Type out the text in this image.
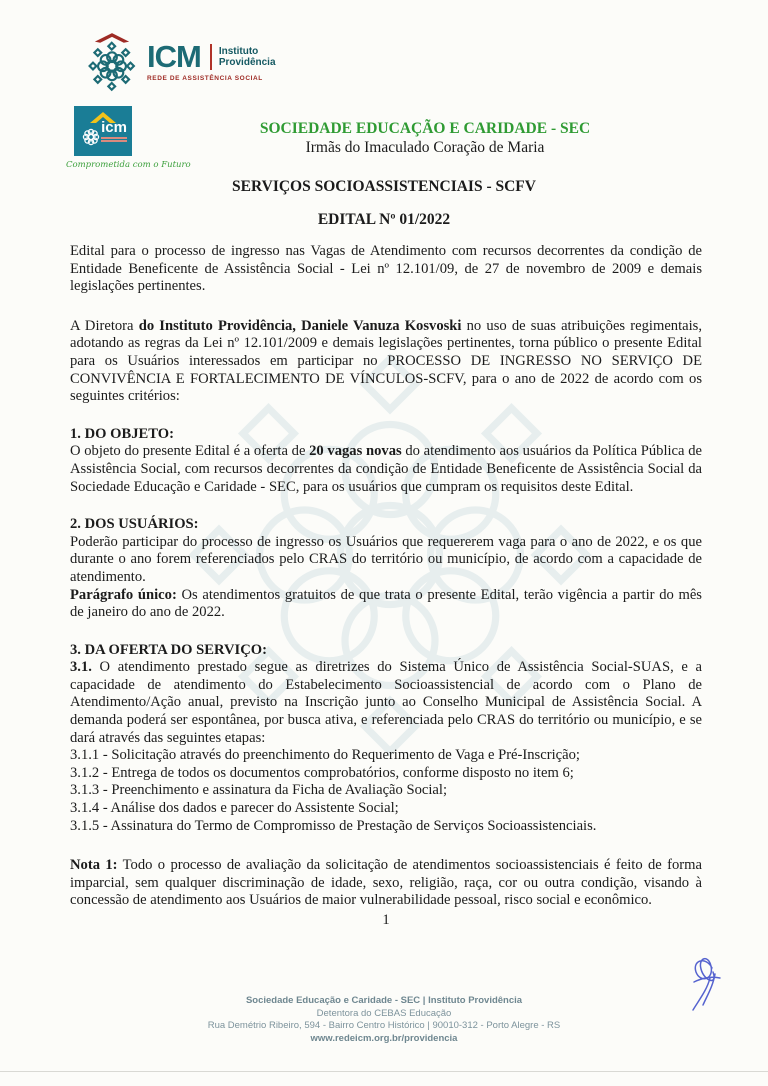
ICM Instituto
Providência
REDE DE ASSISTÊNCIA SOCIAL
icm
Comprometida com o Futuro
SOCIEDADE EDUCAÇÃO E CARIDADE - SEC
Irmãs do Imaculado Coração de Maria
SERVIÇOS SOCIOASSISTENCIAIS - SCFV
EDITAL Nº 01/2022

Edital para o processo de ingresso nas Vagas de Atendimento com recursos decorrentes da condição de Entidade Beneficente de Assistência Social - Lei nº 12.101/09, de 27 de novembro de 2009 e demais legislações pertinentes.

A Diretora do Instituto Providência, Daniele Vanuza Kosvoski no uso de suas atribuições regimentais, adotando as regras da Lei nº 12.101/2009 e demais legislações pertinentes, torna público o presente Edital para os Usuários interessados em participar no PROCESSO DE INGRESSO NO SERVIÇO DE CONVIVÊNCIA E FORTALECIMENTO DE VÍNCULOS-SCFV, para o ano de 2022 de acordo com os seguintes critérios:

1. DO OBJETO:

O objeto do presente Edital é a oferta de 20 vagas novas do atendimento aos usuários da Política Pública de Assistência Social, com recursos decorrentes da condição de Entidade Beneficente de Assistência Social da Sociedade Educação e Caridade - SEC, para os usuários que cumpram os requisitos deste Edital.

2. DOS USUÁRIOS:

Poderão participar do processo de ingresso os Usuários que requererem vaga para o ano de 2022, e os que durante o ano forem referenciados pelo CRAS do território ou município, de acordo com a capacidade de atendimento.

Parágrafo único: Os atendimentos gratuitos de que trata o presente Edital, terão vigência a partir do mês de janeiro do ano de 2022.

3. DA OFERTA DO SERVIÇO:

3.1. O atendimento prestado segue as diretrizes do Sistema Único de Assistência Social-SUAS, e a capacidade de atendimento do Estabelecimento Socioassistencial de acordo com o Plano de Atendimento/Ação anual, previsto na Inscrição junto ao Conselho Municipal de Assistência Social. A demanda poderá ser espontânea, por busca ativa, e referenciada pelo CRAS do território ou município, e se dará através das seguintes etapas:

3.1.1 - Solicitação através do preenchimento do Requerimento de Vaga e Pré-Inscrição;
3.1.2 - Entrega de todos os documentos comprobatórios, conforme disposto no item 6;
3.1.3 - Preenchimento e assinatura da Ficha de Avaliação Social;
3.1.4 - Análise dos dados e parecer do Assistente Social;
3.1.5 - Assinatura do Termo de Compromisso de Prestação de Serviços Socioassistenciais.

Nota 1: Todo o processo de avaliação da solicitação de atendimentos socioassistenciais é feito de forma imparcial, sem qualquer discriminação de idade, sexo, religião, raça, cor ou outra condição, visando à concessão de atendimento aos Usuários de maior vulnerabilidade pessoal, risco social e econômico.

1
Sociedade Educação e Caridade - SEC | Instituto Providência
Detentora do CEBAS Educação
Rua Demétrio Ribeiro, 594 - Bairro Centro Histórico | 90010-312 - Porto Alegre - RS
www.redeicm.org.br/providencia
